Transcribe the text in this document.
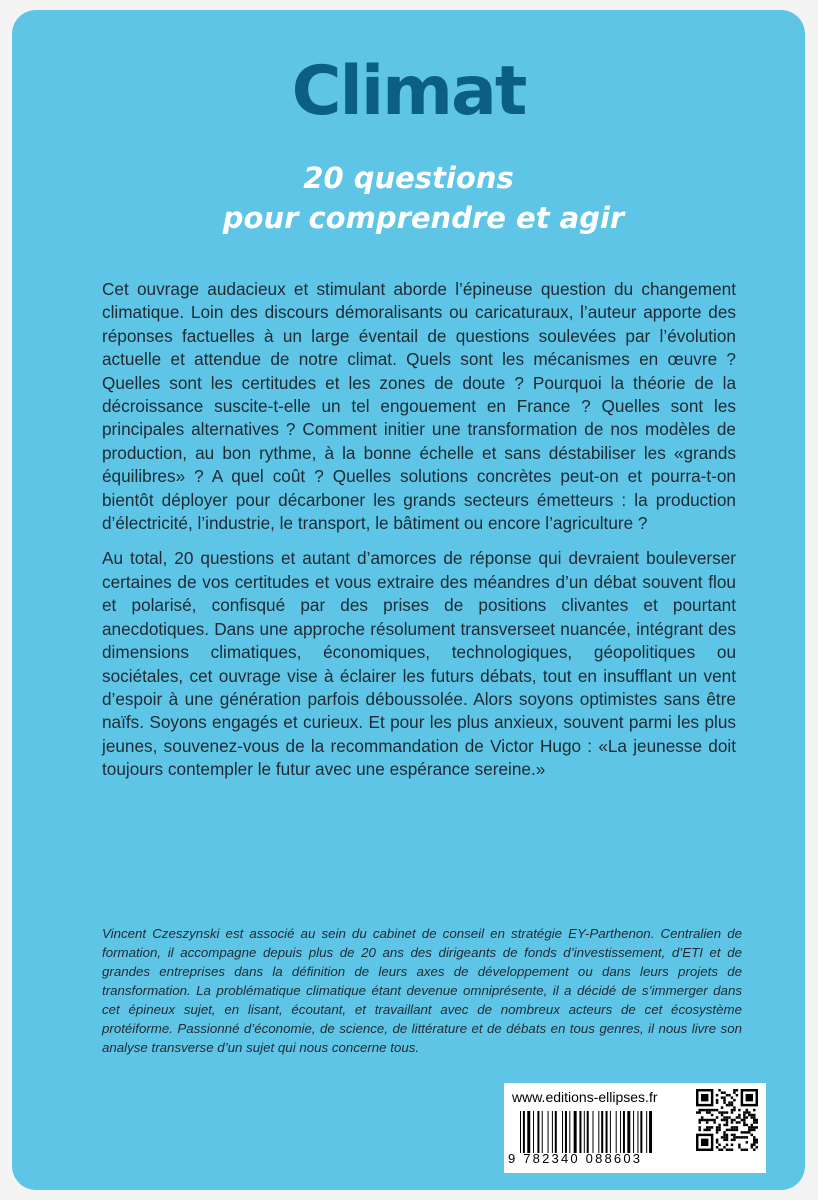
Climat
20 questions
pour comprendre et agir

Cet ouvrage audacieux et stimulant aborde l’épineuse question du changement climatique. Loin des discours démoralisants ou caricaturaux, l’auteur apporte des réponses factuelles à un large éventail de questions soulevées par l’évolution actuelle et attendue de notre climat. Quels sont les mécanismes en œuvre ? Quelles sont les certitudes et les zones de doute ? Pourquoi la théorie de la décroissance suscite-t-elle un tel engouement en France ? Quelles sont les principales alternatives ? Comment initier une transformation de nos modèles de production, au bon rythme, à la bonne échelle et sans déstabiliser les «grands équilibres» ? A quel coût ? Quelles solutions concrètes peut-on et pourra-t-on bientôt déployer pour décarboner les grands secteurs émetteurs : la production d’électricité, l’industrie, le transport, le bâtiment ou encore l’agriculture ?

Au total, 20 questions et autant d’amorces de réponse qui devraient bouleverser certaines de vos certitudes et vous extraire des méandres d’un débat souvent flou et polarisé, confisqué par des prises de positions clivantes et pourtant anecdotiques. Dans une approche résolument transverseet nuancée, intégrant des dimensions climatiques, économiques, technologiques, géopolitiques ou sociétales, cet ouvrage vise à éclairer les futurs débats, tout en insufflant un vent d’espoir à une génération parfois déboussolée. Alors soyons optimistes sans être naïfs. Soyons engagés et curieux. Et pour les plus anxieux, souvent parmi les plus jeunes, souvenez-vous de la recommandation de Victor Hugo : «La jeunesse doit toujours contempler le futur avec une espérance sereine.»

Vincent Czeszynski est associé au sein du cabinet de conseil en stratégie EY-Parthenon. Centralien de formation, il accompagne depuis plus de 20 ans des dirigeants de fonds d’investissement, d’ETI et de grandes entreprises dans la définition de leurs axes de développement ou dans leurs projets de transformation. La problématique climatique étant devenue omniprésente, il a décidé de s’immerger dans cet épineux sujet, en lisant, écoutant, et travaillant avec de nombreux acteurs de cet écosystème protéiforme. Passionné d’économie, de science, de littérature et de débats en tous genres, il nous livre son analyse transverse d’un sujet qui nous concerne tous.
www.editions-ellipses.fr
9 782340 088603
